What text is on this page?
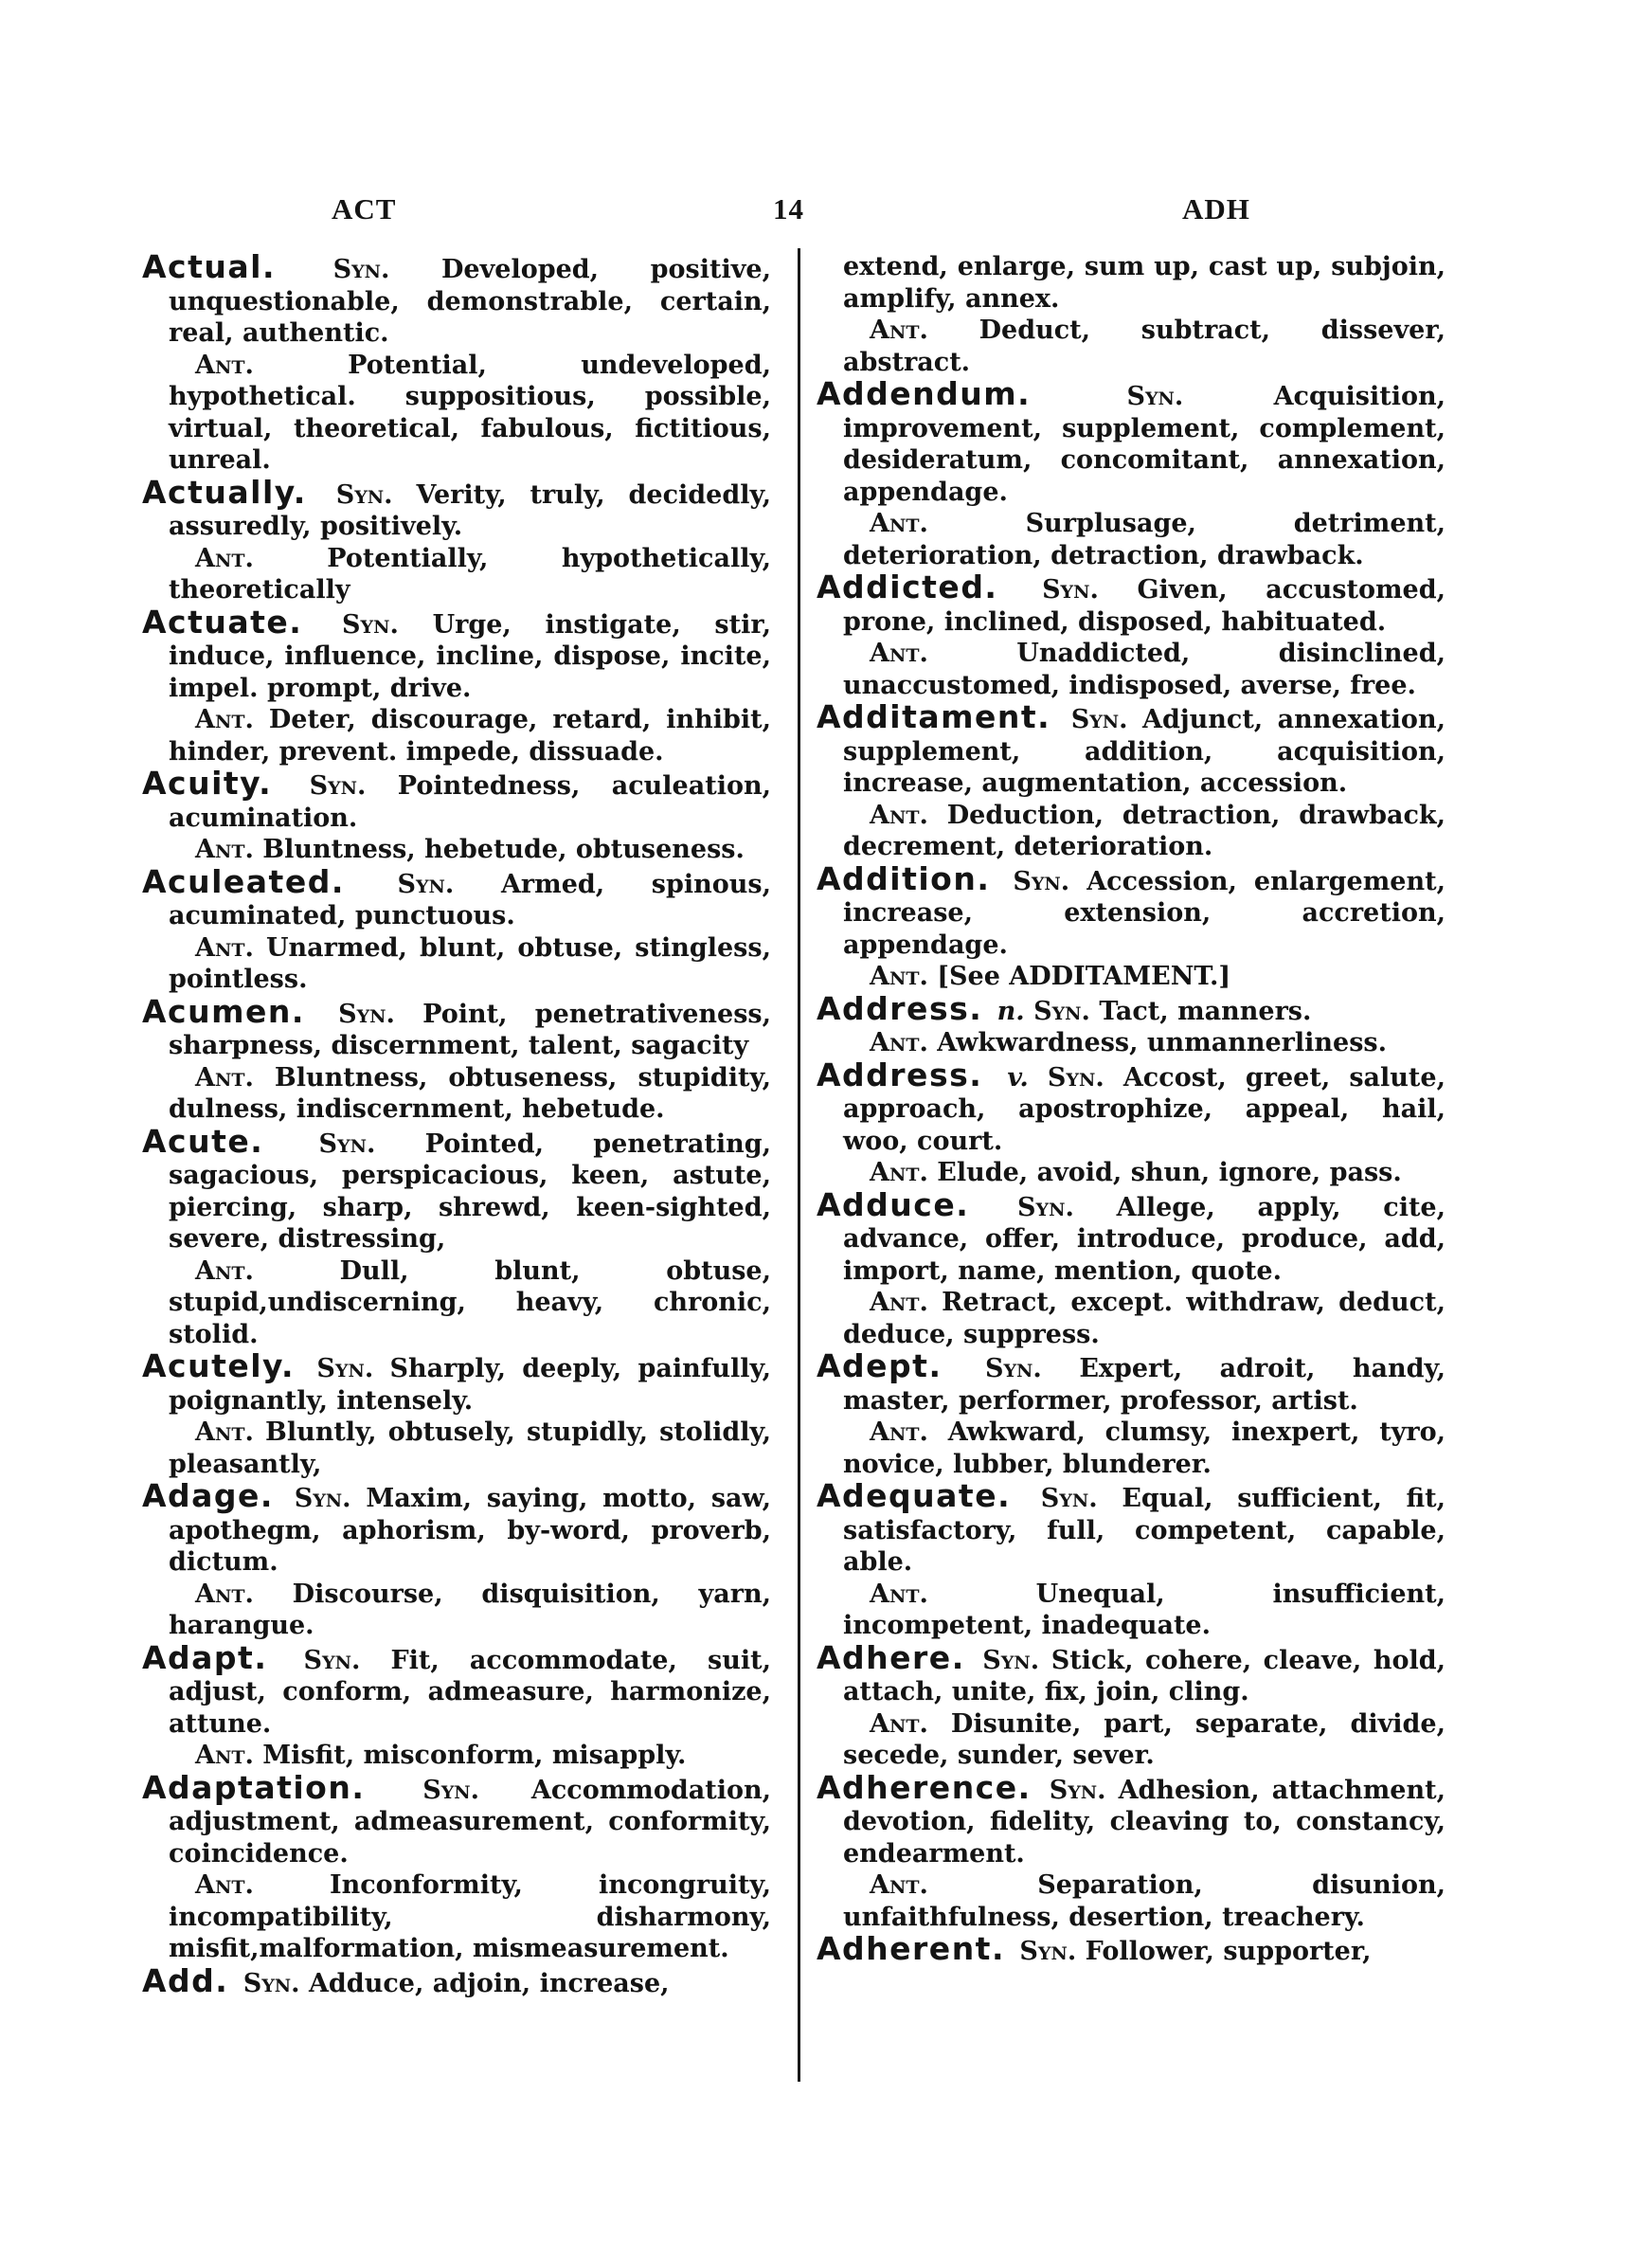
ACT	14	ADH

Actual. Syn. Developed, positive, unquestionable, demonstrable, certain, real, authentic.

Ant.	Potential, undeveloped, hypothetical. suppositious, possible, virtual, theoretical, fabulous, fictitious, unreal.

Actually. Syn. Verity, truly, decidedly, assuredly, positively.

Ant.	Potentially, hypothetically, theoretically

Actuate. Syn. Urge, instigate, stir, induce, influence, incline, dispose, incite, impel. prompt, drive.

Ant. Deter, discourage, retard, inhibit, hinder, prevent. impede, dissuade.

Acuity. Syn. Pointedness, aculeation, acumination.

Ant. Bluntness, hebetude, obtuseness.

Aculeated. Syn. Armed, spinous, acuminated, punctuous.

Ant. Unarmed, blunt, obtuse, stingless, pointless.

Acumen. Syn. Point, penetrativeness, sharpness, discernment, talent, sagacity

Ant. Bluntness, obtuseness, stupidity, dulness, indiscernment, hebetude.

Acute. Syn. Pointed, penetrating, sagacious, perspicacious, keen, astute, piercing, sharp, shrewd, keen-sighted, severe, distressing,

Ant.	Dull, blunt, obtuse, stupid,undiscerning, heavy, chronic, stolid.

Acutely. Syn. Sharply, deeply, painfully, poignantly, intensely.

Ant. Bluntly, obtusely, stupidly, stolidly, pleasantly,

Adage. Syn. Maxim, saying, motto, saw, apothegm, aphorism, by-word, proverb, dictum.

Ant. Discourse, disquisition, yarn, harangue.

Adapt. Syn. Fit, accommodate, suit, adjust, conform, admeasure, harmonize, attune.

Ant. Misfit, misconform, misapply.

Adaptation. Syn. Accommodation, adjustment, admeasurement, conformity, coincidence.

Ant.	Inconformity, incongruity, incompatibility, disharmony, misfit,malformation, mismeasurement.

Add. Syn. Adduce, adjoin, increase,

extend, enlarge, sum up, cast up, subjoin, amplify, annex.

Ant. Deduct, subtract, dissever, abstract.

Addendum.	Syn.	Acquisition, improvement, supplement, complement, desideratum, concomitant, annexation, appendage.

Ant.	Surplusage, detriment, deterioration, detraction, drawback.

Addicted. Syn. Given, accustomed, prone, inclined, disposed, habituated.

Ant.	Unaddicted, disinclined, unaccustomed, indisposed, averse, free.

Additament. Syn. Adjunct, annexation, supplement, addition, acquisition, increase, augmentation, accession.

Ant. Deduction, detraction, drawback, decrement, deterioration.

Addition. Syn. Accession, enlargement, increase, extension, accretion, appendage.

Ant. [See ADDITAMENT.]

Address. n. Syn. Tact, manners.

Ant. Awkwardness, unmannerliness.

Address. v. Syn. Accost, greet, salute, approach, apostrophize, appeal, hail, woo, court.

Ant. Elude, avoid, shun, ignore, pass.

Adduce. Syn. Allege, apply, cite, advance, offer, introduce, produce, add, import, name, mention, quote.

Ant. Retract, except. withdraw, deduct, deduce, suppress.

Adept. Syn. Expert, adroit, handy, master, performer, professor, artist.

Ant. Awkward, clumsy, inexpert, tyro, novice, lubber, blunderer.

Adequate. Syn. Equal, sufficient, fit, satisfactory, full, competent, capable, able.

Ant.	Unequal, insufficient, incompetent, inadequate.

Adhere. Syn. Stick, cohere, cleave, hold, attach, unite, fix, join, cling.

Ant. Disunite, part, separate, divide, secede, sunder, sever.

Adherence. Syn. Adhesion, attachment, devotion, fidelity, cleaving to, constancy, endearment.

Ant.	Separation, disunion, unfaithfulness, desertion, treachery.

Adherent. Syn. Follower, supporter,
